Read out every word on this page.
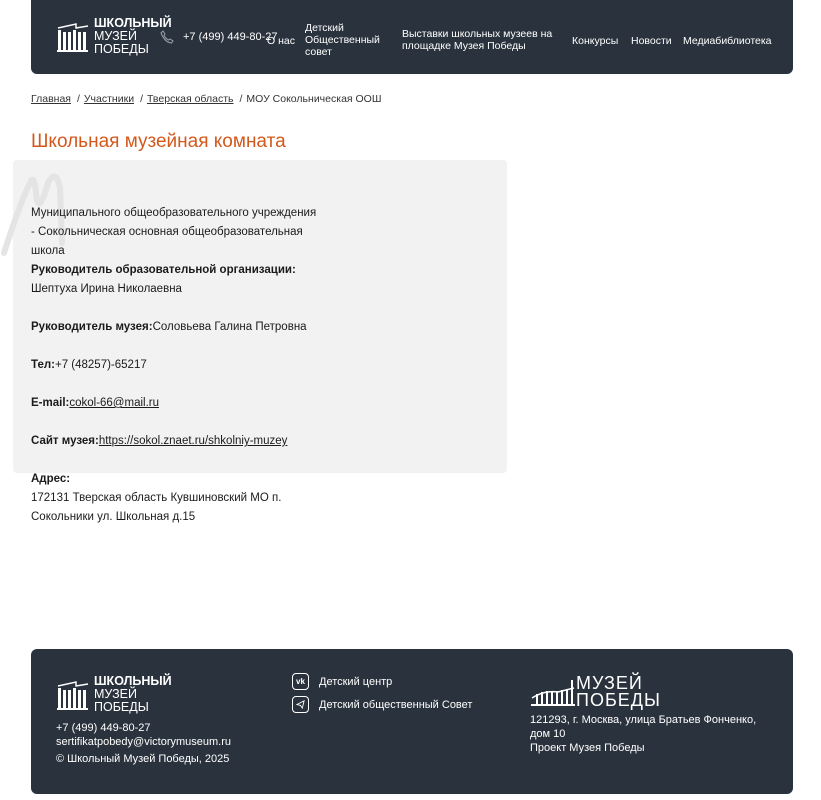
ШКОЛЬНЫЙ
МУЗЕЙ
ПОБЕДЫ
+7 (499) 449-80-27
О нас
Детский Общественный совет
Выставки школьных музеев на площадке Музея Победы	Конкурсы Новости Медиабиблиотека
Главная / Участники / Тверская область / МОУ Сокольническая ООШ
Школьная музейная комната

Муниципального общеобразовательного учреждения

- Сокольническая основная общеобразовательная

школа

Руководитель образовательной организации:

Шептуха Ирина Николаевна

Руководитель музея:Соловьева Галина Петровна

Тел:+7 (48257)-65217

E-mail:cokol-66@mail.ru

Сайт музея:https://sokol.znaet.ru/shkolniy-muzey

Адрес:

172131 Тверская область Кувшиновский МО п.

Сокольники ул. Школьная д.15

ШКОЛЬНЫЙ
МУЗЕЙ
ПОБЕДЫ
+7 (499) 449-80-27
sertifikatpobedy@victorymuseum.ru
© Школьный Музей Победы, 2025
vk	Детский центр
Детский общественный Совет
МУЗЕЙ
ПОБЕДЫ
121293, г. Москва, улица Братьев Фонченко,
дом 10
Проект Музея Победы
